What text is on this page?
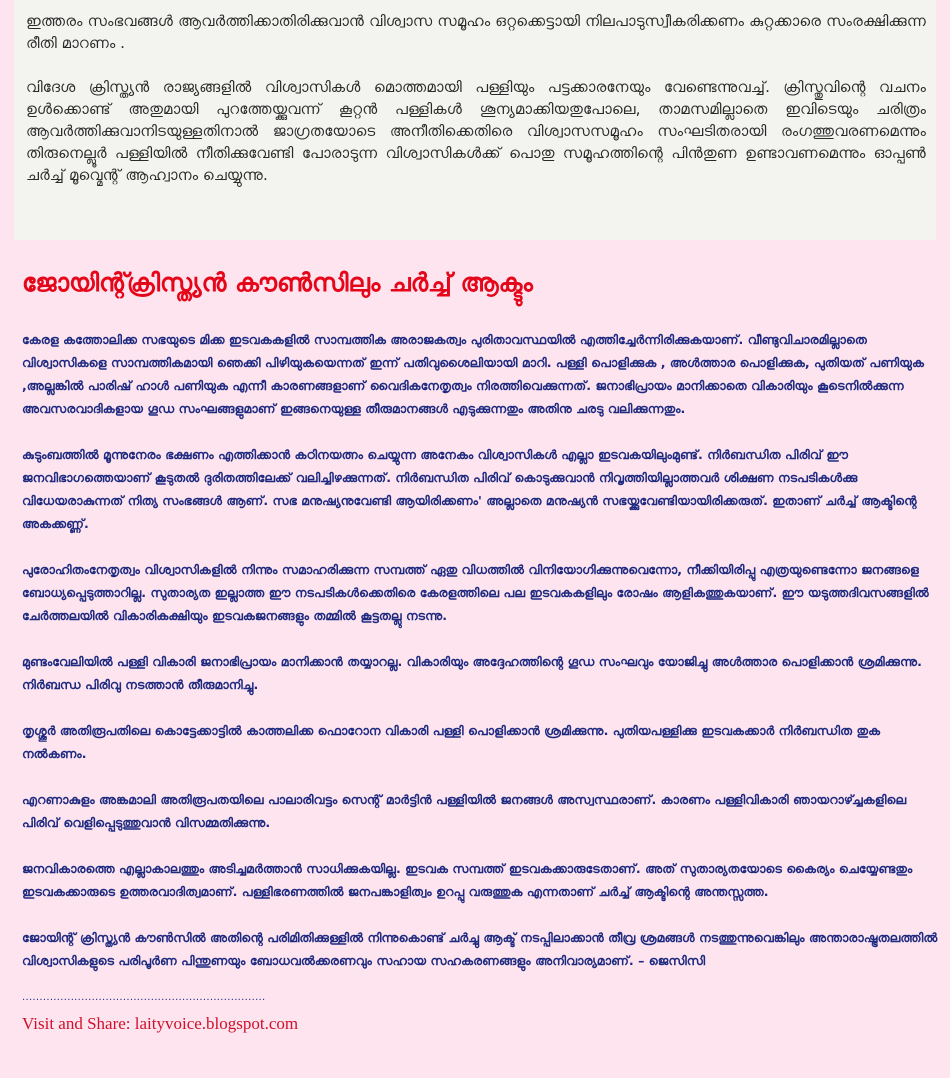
ഇത്തരം സംഭവങ്ങൾ ആവർത്തിക്കാതിരിക്കുവാൻ വിശ്വാസ സമൂഹം ഒറ്റക്കെട്ടായി നിലപാടുസ്വീകരിക്കണം കുറ്റക്കാരെ സംരക്ഷിക്കുന്ന രീതി മാറണം .

വിദേശ ക്രിസ്ത്യൻ രാജ്യങ്ങളിൽ വിശ്വാസികൾ മൊത്തമായി പള്ളിയും പട്ടക്കാരനേയും വേണ്ടെന്നുവച്ച്. ക്രിസ്തുവിന്റെ വചനം ഉൾക്കൊണ്ട് അതുമായി പുറത്തേയ്ക്കുവന്ന് കൂറ്റൻ പള്ളികൾ ശൂന്യമാക്കിയതുപോലെ, താമസമില്ലാതെ ഇവിടെയും ചരിത്രം ആവർത്തിക്കുവാനിടയുള്ളതിനാൽ ജാഗ്രതയോടെ അനീതിക്കെതിരെ വിശ്വാസസമൂഹം സംഘടിതരായി രംഗത്തുവരണമെന്നും തിരുനെല്ലൂർ പള്ളിയിൽ നീതിക്കുവേണ്ടി പോരാടുന്ന വിശ്വാസികൾക്ക് പൊതു സമൂഹത്തിന്റെ പിൻതുണ ഉണ്ടാവണമെന്നും ഓപ്പൺ ചർച്ച് മൂവ്മെന്റ് ആഹ്വാനം ചെയ്യുന്നു.

ജോയിന്റ്ക്രിസ്ത്യൻ കൗൺസിലും ചർച്ച് ആക്ടും

കേരള കത്തോലിക്ക സഭയുടെ മിക്ക ഇടവകകളിൽ സാമ്പത്തിക അരാജകത്വം പുരിതാവസ്ഥയിൽ എത്തിച്ചേർന്നിരിക്കുകയാണ്. വീണ്ടുവിചാരമില്ലാതെ വിശ്വാസികളെ സാമ്പത്തികമായി ഞെക്കി പിഴിയുകയെന്നത് ഇന്ന് പതിവുശൈലിയായി മാറി. പള്ളി പൊളിക്കുക , അൾത്താര പൊളിക്കുക, പുതിയത് പണിയുക ,അല്ലങ്കിൽ പാരിഷ് ഹാൾ പണിയുക എന്നീ കാരണങ്ങളാണ് വൈദികനേതൃത്വം നിരത്തിവെക്കുന്നത്. ജനാഭിപ്രായം മാനിക്കാതെ വികാരിയും കൂടെനിൽക്കുന്ന അവസരവാദികളായ ഗൂഡ സംഘങ്ങളുമാണ് ഇങ്ങനെയുള്ള തീരുമാനങ്ങൾ എടുക്കുന്നതും അതിനു ചരടു വലിക്കുന്നതും.

കുടുംബത്തിൽ മൂന്നുനേരം ഭക്ഷണം എത്തിക്കാൻ കഠിനയത്നം ചെയ്യുന്ന അനേകം വിശ്വാസികൾ എല്ലാ ഇടവകയിലുംമുണ്ട്. നിർബന്ധിത പിരിവ് ഈ ജനവിഭാഗത്തെയാണ് കൂടുതൽ ദുരിതത്തിലേക്ക് വലിച്ചിഴക്കുന്നത്. നിർബന്ധിത പിരിവ് കൊടുക്കുവാൻ നിവൃത്തിയില്ലാത്തവർ ശിക്ഷണ നടപടികൾക്കു വിധേയരാകുന്നത് നിത്യ സംഭങ്ങൾ ആണ്. സഭ മനുഷ്യനുവേണ്ടി ആയിരിക്കണം' അല്ലാതെ മനുഷ്യൻ സഭയ്ക്കുവേണ്ടിയായിരിക്കരുത്. ഇതാണ് ചർച്ച് ആക്ടിന്റെ അകക്കണ്ണ്.

പുരോഹിതംനേതൃത്വം വിശ്വാസികളിൽ നിന്നും സമാഹരിക്കുന്ന സമ്പത്ത് ഏതു വിധത്തിൽ വിനിയോഗിക്കുന്നുവെന്നോ, നീക്കിയിരിപ്പു എത്രയുണ്ടെന്നോ ജനങ്ങളെ ബോധ്യപ്പെടുത്താറില്ല. സുതാര്യത ഇല്ലാത്ത ഈ നടപടികൾക്കെതിരെ കേരളത്തിലെ പല ഇടവകകളിലും രോഷം ആളികത്തുകയാണ്. ഈ യടുത്തദിവസങ്ങളിൽ ചേർത്തലയിൽ വികാരികക്ഷിയും ഇടവകജനങ്ങളും തമ്മിൽ കൂട്ടതല്ലു നടന്നു.

മുണ്ടംവേലിയിൽ പള്ളി വികാരി ജനാഭിപ്രായം മാനിക്കാൻ തയ്യാറല്ല. വികാരിയും അദ്ദേഹത്തിന്റെ ഗൂഡ സംഘവും യോജിച്ചു അൾത്താര പൊളിക്കാൻ ശ്രമിക്കുന്നു. നിർബന്ധ പിരിവു നടത്താൻ തീരുമാനിച്ചു.

തൃശ്ശൂർ അതിരൂപതിലെ കൊട്ടേക്കാട്ടിൽ കാത്തലിക്ക ഫൊറോന വികാരി പള്ളി പൊളിക്കാൻ ശ്രമിക്കുന്നു. പുതിയപള്ളിക്കു ഇടവകക്കാർ നിർബന്ധിത തുക നൽകണം.

എറണാകുളം അങ്കമാലി അതിരൂപതയിലെ പാലാരിവട്ടം സെന്റ് മാർട്ടിൻ പള്ളിയിൽ ജനങ്ങൾ അസ്വസ്ഥരാണ്. കാരണം പള്ളിവികാരി ഞായറാഴ്ച്ചകളിലെ പിരിവ് വെളിപ്പെടുത്തുവാൻ വിസമ്മതിക്കുന്നു.

ജനവികാരത്തെ എല്ലാകാലത്തും അടിച്ചമർത്താൻ സാധിക്കുകയില്ല. ഇടവക സമ്പത്ത് ഇടവകക്കാരുടേതാണ്. അത് സുതാര്യതയോടെ കൈര്യം ചെയ്യേണ്ടതും ഇടവകക്കാരുടെ ഉത്തരവാദിത്വമാണ്. പള്ളിഭരണത്തിൽ ജനപങ്കാളിത്വം ഉറപ്പു വരുത്തുക എന്നതാണ് ചർച്ച് ആക്ടിന്റെ അന്തസ്സത്ത.

ജോയിന്റ് ക്രിസ്ത്യൻ കൗൺസിൽ അതിന്റെ പരിമിതിക്കുള്ളിൽ നിന്നുകൊണ്ട് ചർച്ചു ആക്ട് നടപ്പിലാക്കാൻ തീവ്ര ശ്രമങ്ങൾ നടത്തുന്നുവെങ്കിലും അന്താരാഷ്ട്രതലത്തിൽ വിശ്വാസികളുടെ പരിപൂർണ പിന്തുണയും ബോധവൽക്കരണവും സഹായ സഹകരണങ്ങളും അനിവാര്യമാണ്. – ജെസിസി

......................................................................
Visit and Share: laityvoice.blogspot.com
